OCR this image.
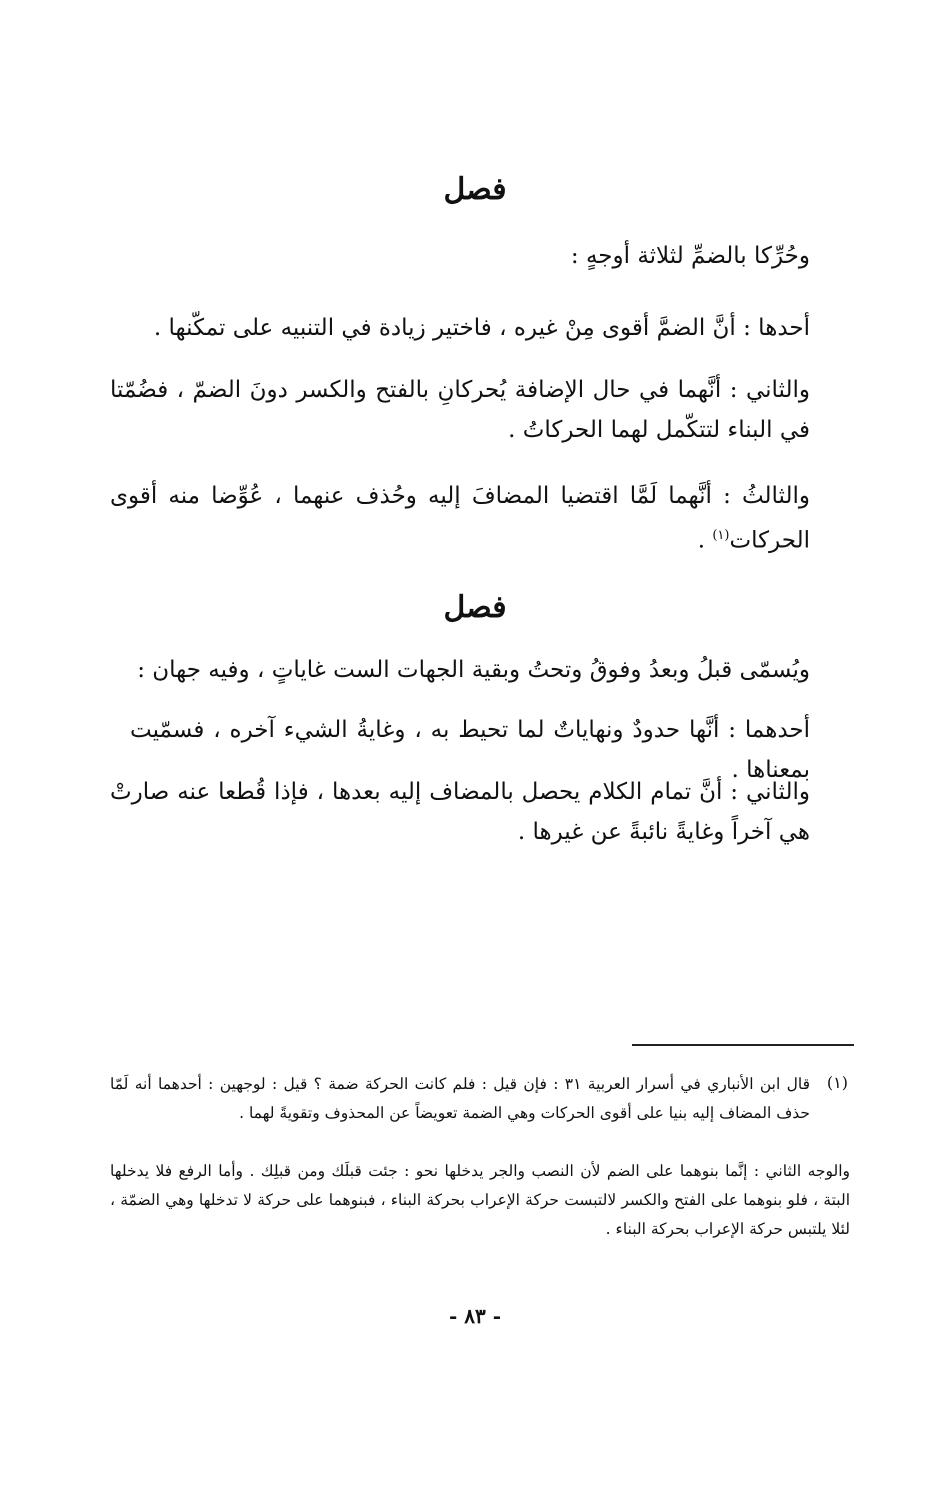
فصل
وحُرِّكا بالضمِّ لثلاثة أوجهٍ :
أحدها : أنَّ الضمَّ أقوى مِنْ غيره ، فاختير زيادة في التنبيه على تمكّنها .
والثاني : أنَّهما في حال الإضافة يُحركانِ بالفتح والكسر دونَ الضمّ ، فضُمّتا في البناء لتتكّمل لهما الحركاتُ .
والثالثُ : أنَّهما لَمَّا اقتضيا المضافَ إليه وحُذف عنهما ، عُوِّضا منه أقوى الحركات$^{(١)}$ .
فصل
ويُسمّى قبلُ وبعدُ وفوقُ وتحتُ وبقية الجهات الست غاياتٍ ، وفيه جهان :
أحدهما : أنَّها حدودٌ ونهاياتٌ لما تحيط به ، وغايةُ الشيء آخره ، فسمّيت بمعناها .
والثاني : أنَّ تمام الكلام يحصل بالمضاف إليه بعدها ، فإذا قُطعا عنه صارتْ هي آخراً وغايةً نائبةً عن غيرها .
(١)
قال ابن الأنباري في أسرار العربية ٣١ : فإن قيل : فلم كانت الحركة ضمة ؟ قيل : لوجهين : أحدهما أنه لَمّا حذف المضاف إليه بنيا على أقوى الحركات وهي الضمة تعويضاً عن المحذوف وتقويةً لهما .
والوجه الثاني : إنَّما بنوهما على الضم لأن النصب والجر يدخلها نحو : جئت قبلَك ومن قبلِك . وأما الرفع فلا يدخلها البتة ، فلو بنوهما على الفتح والكسر لالتبست حركة الإعراب بحركة البناء ، فبنوهما على حركة لا تدخلها وهي الضمّة ، لئلا يلتبس حركة الإعراب بحركة البناء .
- ٨٣ -
